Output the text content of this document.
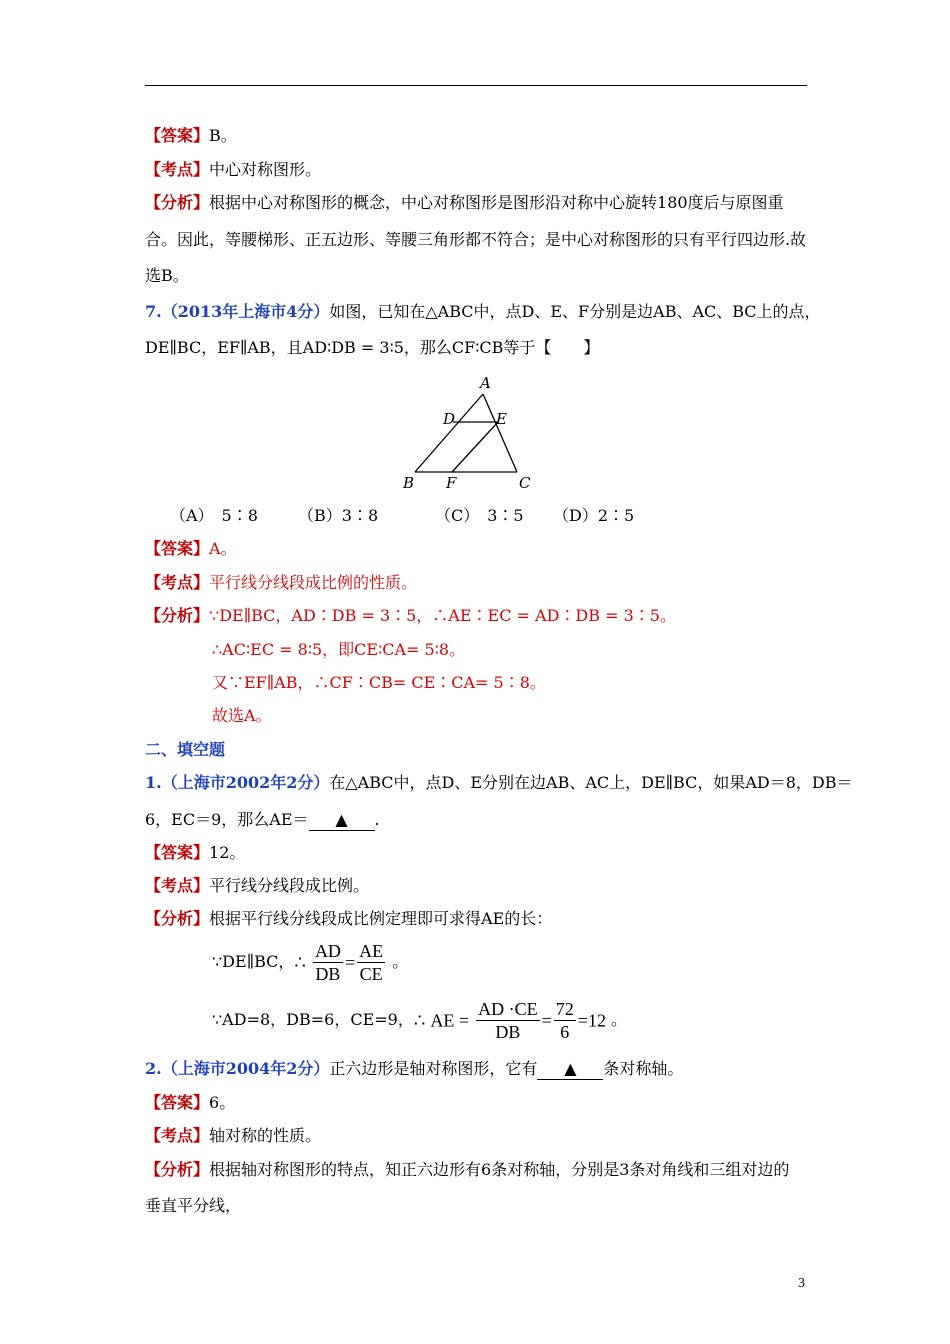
【答案】B。
【考点】中心对称图形。
【分析】根据中心对称图形的概念，中心对称图形是图形沿对称中心旋转180度后与原图重
合。因此，等腰梯形、正五边形、等腰三角形都不符合；是中心对称图形的只有平行四边形.故
选B。
7.（2013年上海市4分）如图，已知在△ABC中，点D、E、F分别是边AB、AC、BC上的点，
DE∥BC，EF∥AB，且AD∶DB = 3∶5，那么CF∶CB等于【　　】
A
D	E
B F	C
（A）　5∶8	（B）3∶8	（C）　3∶5 （D）2∶5
【答案】A。
【考点】平行线分线段成比例的性质。
【分析】∵DE∥BC，AD∶DB = 3∶5，∴AE∶EC = AD∶DB = 3∶5。
∴AC∶EC = 8∶5，即CE∶CA= 5∶8。
又∵EF∥AB，∴CF∶CB= CE∶CA= 5∶8。
故选A。
二、填空题
1.（上海市2002年2分）在△ABC中，点D、E分别在边AB、AC上，DE∥BC，如果AD＝8，DB＝
6，EC＝9，那么AE＝ ▲ .
【答案】12。
【考点】平行线分线段成比例。
【分析】根据平行线分线段成比例定理即可求得AE的长：
∵DE∥BC，∴ $\frac{AD}{DB} = \frac{AE}{CE}$ 。
∵AD=8，DB=6，CE=9，∴ AE = $\frac{AD \cdot CE}{DB} = \frac{72}{6} =12$ 。
2.（上海市2004年2分）正六边形是轴对称图形，它有 ▲ 条对称轴。
【答案】6。
【考点】轴对称的性质。
【分析】根据轴对称图形的特点，知正六边形有6条对称轴，分别是3条对角线和三组对边的
垂直平分线，
3
